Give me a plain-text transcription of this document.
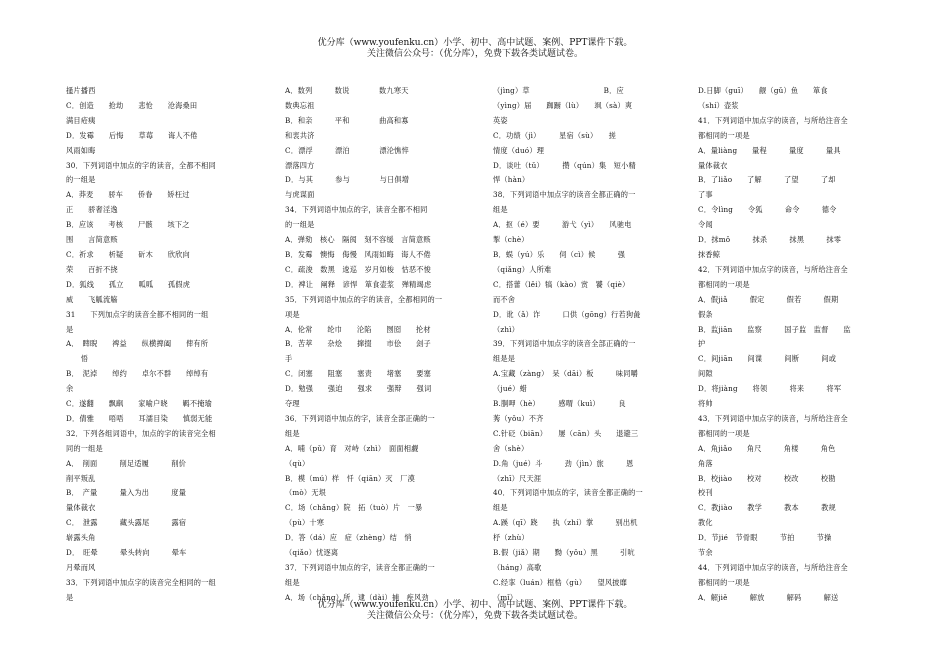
优分库（www.youfenku.cn）小学、初中、高中试题、案例、PPT课件下载。
关注微信公众号：（优分库），免费下载各类试题试卷。
搔片播西
C．创造　　抢劫　　悲怆　　沧海桑田
满目疮痍
D．发霉　　后悔　　草莓　　诲人不倦
风雨如晦
30．下列词语中加点的字的读音，全都不相同
的一组是
A．莽麦　　骄车　　侨眷　　矫枉过
正　　骄奢淫逸
B．应该　　考核　　尸骸　　垓下之
围　　言简意赅
C．祈求　　析疑　　斫木　　欣欣向
荣　　百折不挠
D．狐线　　孤立　　呱呱　　孤假虎
威　　飞觚流觞
31　　下列加点字的读音全都不相同的一组
是
A．　睥睨　　裨益　　纵横捭阖　　俾有所
　　悟
B．　泥淖　　绰约　　卓尔不群　　绰绰有
余
C．遂翻　　飘飖　　家喻户晓　　羁不掩瑜
D．倩雅　　唔唔　　耳濡目染　　慎弱无能
32．下列各组词语中，加点的字的读音完全相
同的一组是
A．　削面　　　削足适履　　　削价
削平叛乱
B．　产量　　　量入为出　　　度量
量体裁衣
C．　泄露　　　藏头露尾　　　露宿
崭露头角
D．　旺晕　　　晕头转向　　　晕车
月晕而风
33．下列词语中加点字的读音完全相同的一组
是
A．数列　　　数说　　　　数九寒天
数典忘祖
B．和亲　　　平和　　　　曲高和寡
和衷共济
C．漂浮　　　漂泊　　　　漂沦憔悴
漂落四方
D．与其　　　参与　　　　与日俱增
与虎谋面
34．下列词语中加点的字，读音全都不相同
的一组是
A．弹劾　核心　隔阂　刻不容缓　言简意赅
B．发霉　懊悔　侮慢　风雨如晦　诲人不倦
C．疏浚　数黑　逡巡　岁月如梭　怙恶不悛
D．裨让　阐释　谚悍　箪食壶浆　殚精竭虑
35．下列词语中加点的字的读音，全都相同的一
项是
A．伦常　　纶巾　　沦陷　　囫囵　　抡材
B．苦萃　　杂烩　　撺掇　　市侩　　刽子
手
C．闭塞　　阻塞　　塞责　　堵塞　　要塞
D．勉强　　强迫　　强求　　强辩　　强词
夺理
36．下列词语中加点的字，读音全部正确的一
组是
A．哺（pǔ）育　对峙（zhì）　面面相觑
（qù）
B．模（mú）样　忏（qiān）灭　厂漠
（mò）无垠
C．场（chǎng）院　拓（tuò）片　一暴
（pù）十寒
D．答（dá）应　症（zhèng）结　悄
（qiǎo）忧逐离
37．下列词语中加点的字，读音全都正确的一
组是
A．场（chǎng）所　逮（dài）捕　疾风劲
（jìng）草　　　　　　　　　　B．应
（yìng）届　　踟蹰（lù）　　飒（sà）爽
英姿
C．功绩（jì）　　　星宿（sù）　　搓
情度（duó）理
D．谈吐（tǔ）　　　攒（qún）集　短小精
悍（hàn）
38．下列词语中加点字的读音全都正确的一
组是
A．抠（é）要　　　游弋（yì）　　风驰电
掣（chè）
B．蜈（yú）乐　　伺（cì）候　　　强
（qiǎng）人所难
C．搭蕾（lěi）犒（kào）赏　饕（qiè）
而不舍
D．讹（ǎ）诈　　　口供（gōng）行若狗彘
（zhì）
39．下列词语中加点字的读音全部正确的一
组是是
A.宝藏（zàng）　呆（dāi）板　　　味同嚼
（jué）蜡
B.胴呷（hè）　　　感喟（kuì）　　　良
莠（yǒu）不齐
C.针砭（biān）　　屡（cān）头　　退避三
舍（shè）
D.角（jué）斗　　　劲（jìn）旅　　　恩
（zhī）尺天涯
40．下列词语中加点的字，读音全都正确的一
组是
A.蹊（qī）跷　　执（zhí）掌　　　别出机
杼（zhù）
B.假（jiǎ）期　　黝（yǒu）黑　　　引吭
（háng）高歌
C.经挛（luán）框梏（gù）　　望风披靡
（mǐ）
D.日脚（guī）　　觎（gǔ）鱼　　箪食
（shí）壶浆
41．下列词语中加点字的读音，与所给注音全
都相同的一项是
A．量liàng　　量程　　　量度　　　量具
量体裁衣
B．了liǎo　　了解　　　了望　　　了却
了事
C．令lìng　　令狐　　　命令　　　德令
令闻
D．抹mǒ　　　抹杀　　　抹黑　　　抹零
抹香鲸
42．下列词语中加点字的读音，与所给注音全
都相同的一项是
A．假jiǎ　　　假定　　　假若　　　假期
假条
B．监jiān　　监察　　　国子监　监督　　监
护
C．间jiān　　间谍　　　间断　　　间或
间隙
D．将jiàng　　将领　　　将来　　　将军
将帅
43．下列词语中加点字的读音，与所给注音全
都相同的一项是
A．角jiǎo　　角尺　　　角楼　　　角色
角落
B．校jiào　　校对　　　校改　　　校勘
校刊
C．教jiào　　教学　　　教本　　　教规
教化
D．节jié　节骨眼　　　节拍　　　节操
节余
44．下列词语中加点字的读音，与所给注音全
都相同的一项是
A．解jiě　　　解放　　　解码　　　解送
优分库（www.youfenku.cn）小学、初中、高中试题、案例、PPT课件下载。
关注微信公众号：（优分库），免费下载各类试题试卷。
